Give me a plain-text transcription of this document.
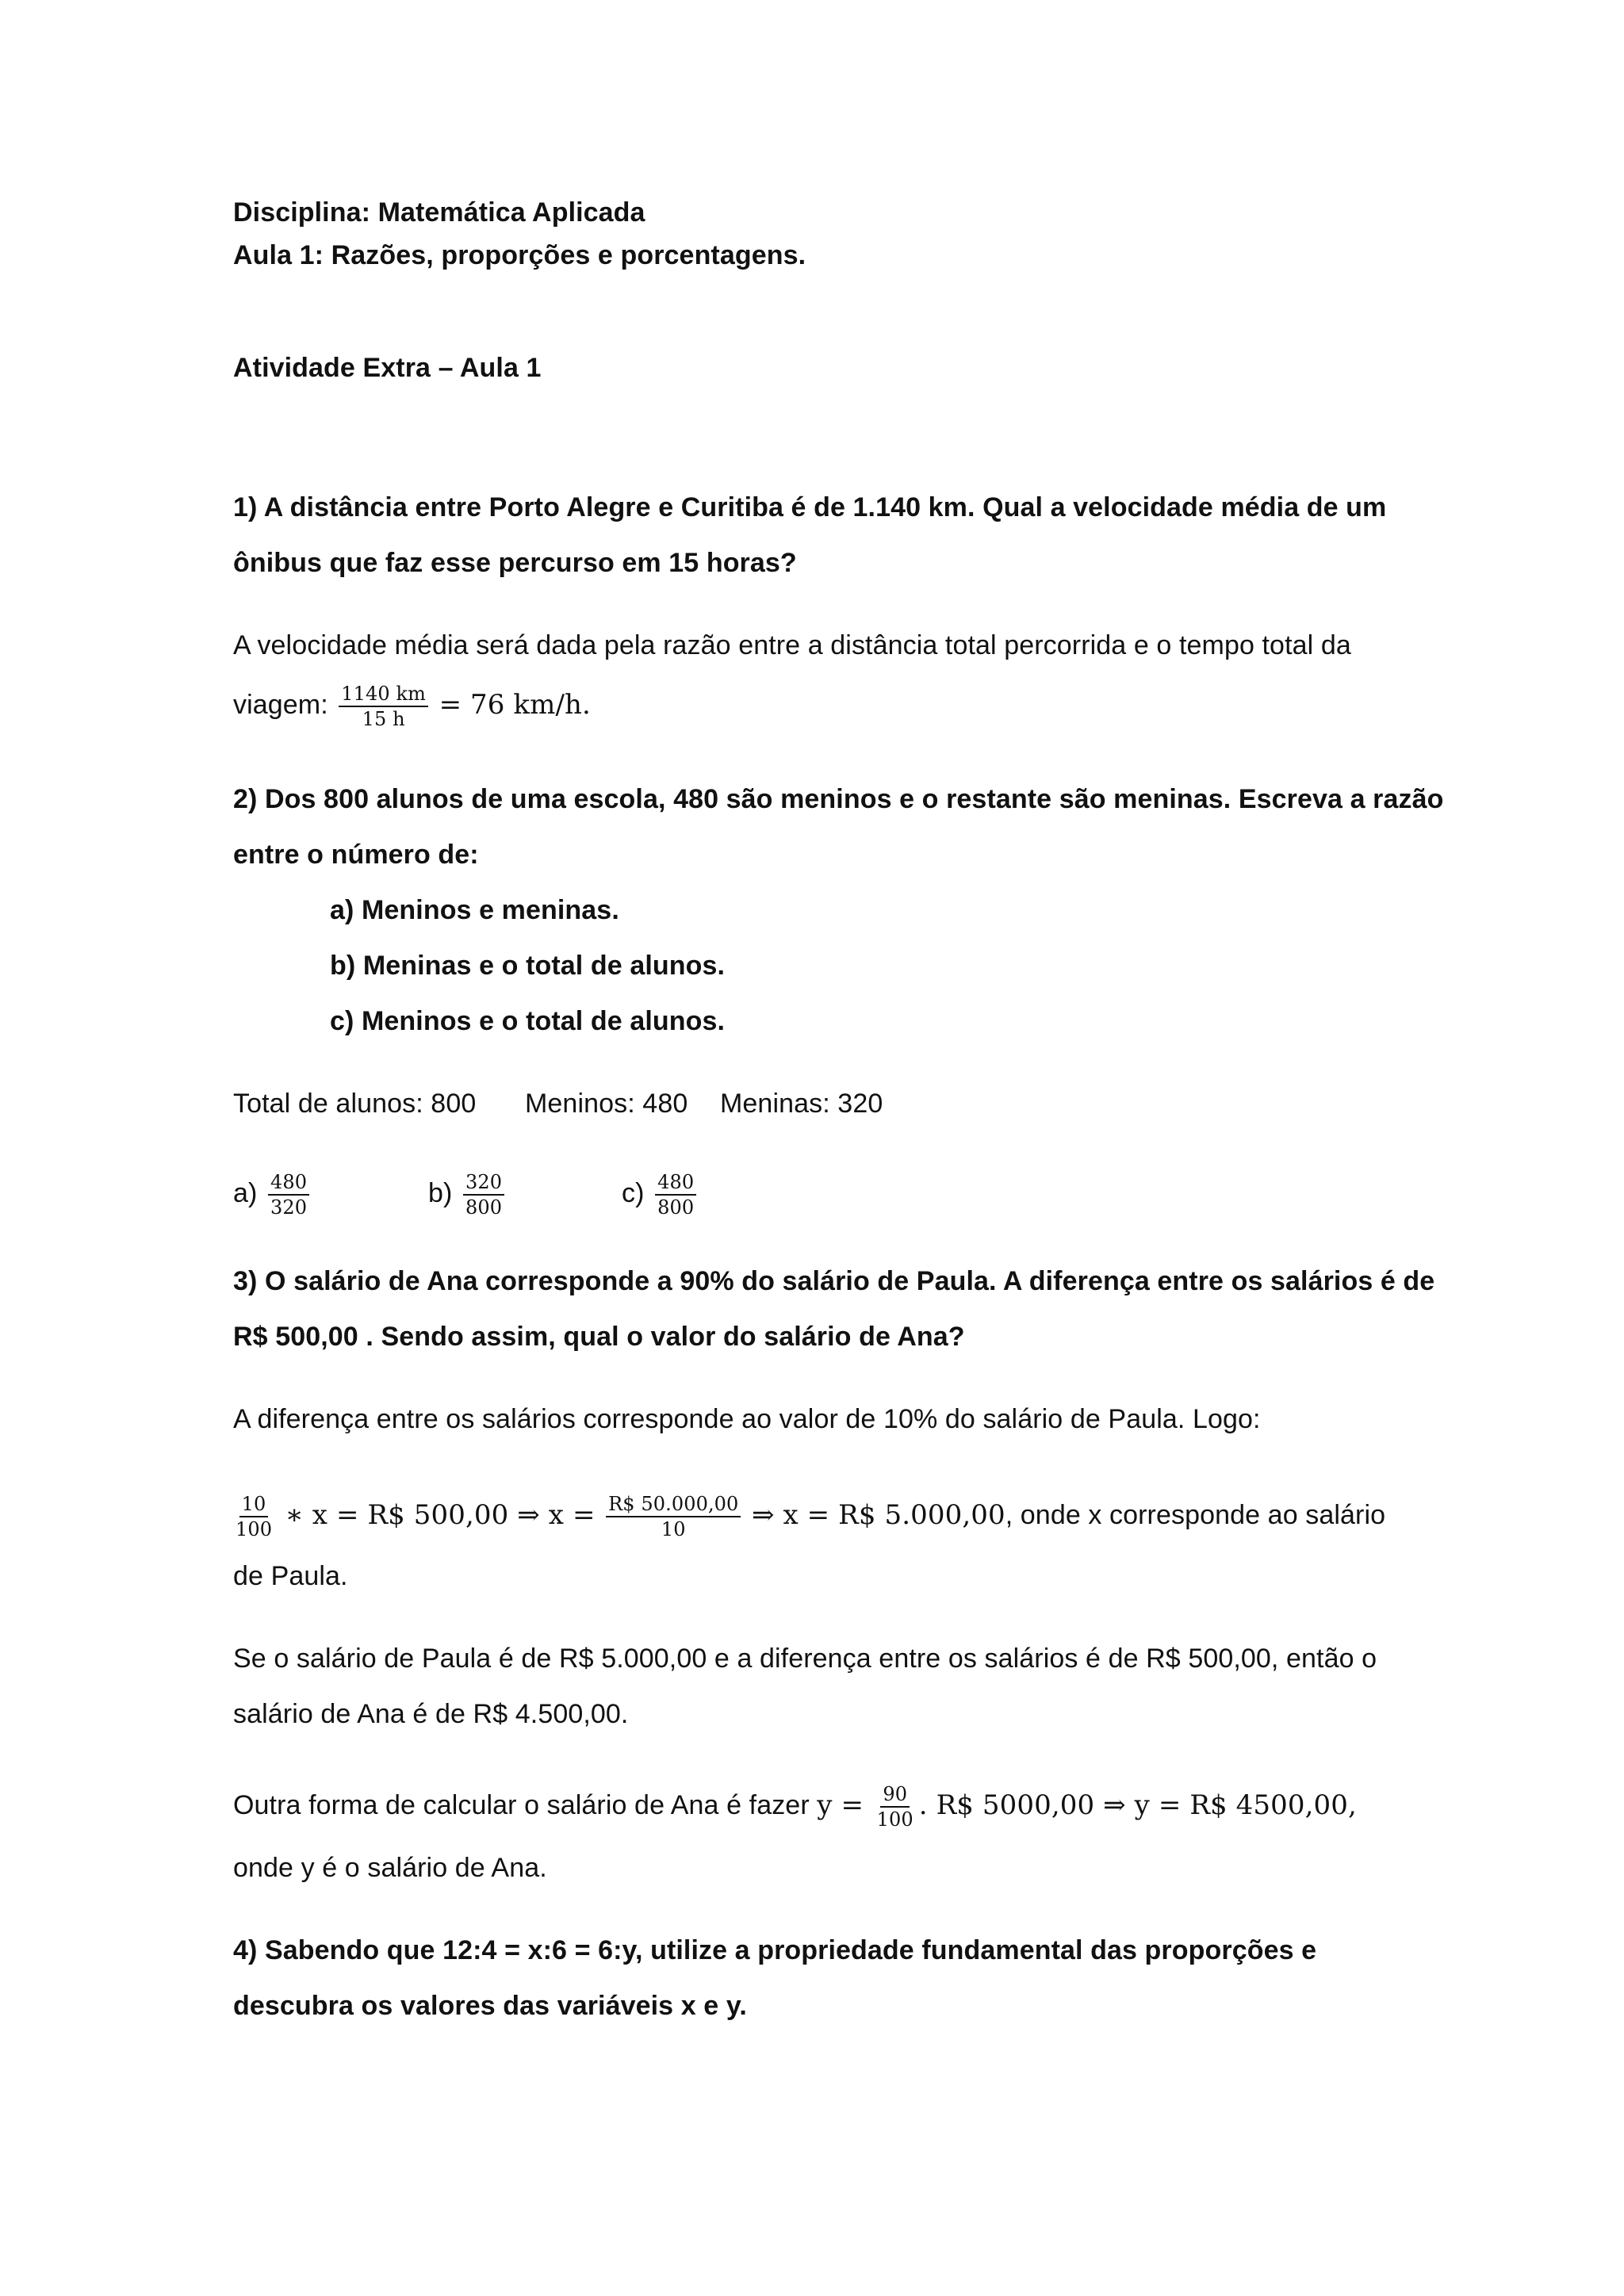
Disciplina: Matemática Aplicada

Aula 1: Razões, proporções e porcentagens.

Atividade Extra – Aula 1

1) A distância entre Porto Alegre e Curitiba é de 1.140 km. Qual a velocidade média de um

ônibus que faz esse percurso em 15 horas?

A velocidade média será dada pela razão entre a distância total percorrida e o tempo total da

viagem: $\frac{1140 km}{15 h} = 76$ km/h.

2) Dos 800 alunos de uma escola, 480 são meninos e o restante são meninas. Escreva a razão

entre o número de:

a) Meninos e meninas.

b) Meninas e o total de alunos.

c) Meninos e o total de alunos.

Total de alunos: 800 Meninos: 480 Meninas: 320

$a) \frac{480}{320}$	$b) \frac{320}{800}$	$c) \frac{480}{800}$

3) O salário de Ana corresponde a 90% do salário de Paula. A diferença entre os salários é de

R$ 500,00 . Sendo assim, qual o valor do salário de Ana?

A diferença entre os salários corresponde ao valor de 10% do salário de Paula. Logo:

$\frac{10}{100}$ ∗ x = R$ 500,00 ⇒ $x = \frac{R\$ 50.000,00}{10}$ ⇒ x = R$ 5.000,00, onde x corresponde ao salário

de Paula.

Se o salário de Paula é de R$ 5.000,00 e a diferença entre os salários é de R$ 500,00, então o

salário de Ana é de R$ 4.500,00.

Outra forma de calcular o salário de Ana é fazer $y = \frac{90}{100}$ . R$ 5000,00 ⇒ y = R$ 4500,00,

onde y é o salário de Ana.

4) Sabendo que 12:4 = x:6 = 6:y, utilize a propriedade fundamental das proporções e

descubra os valores das variáveis x e y.
